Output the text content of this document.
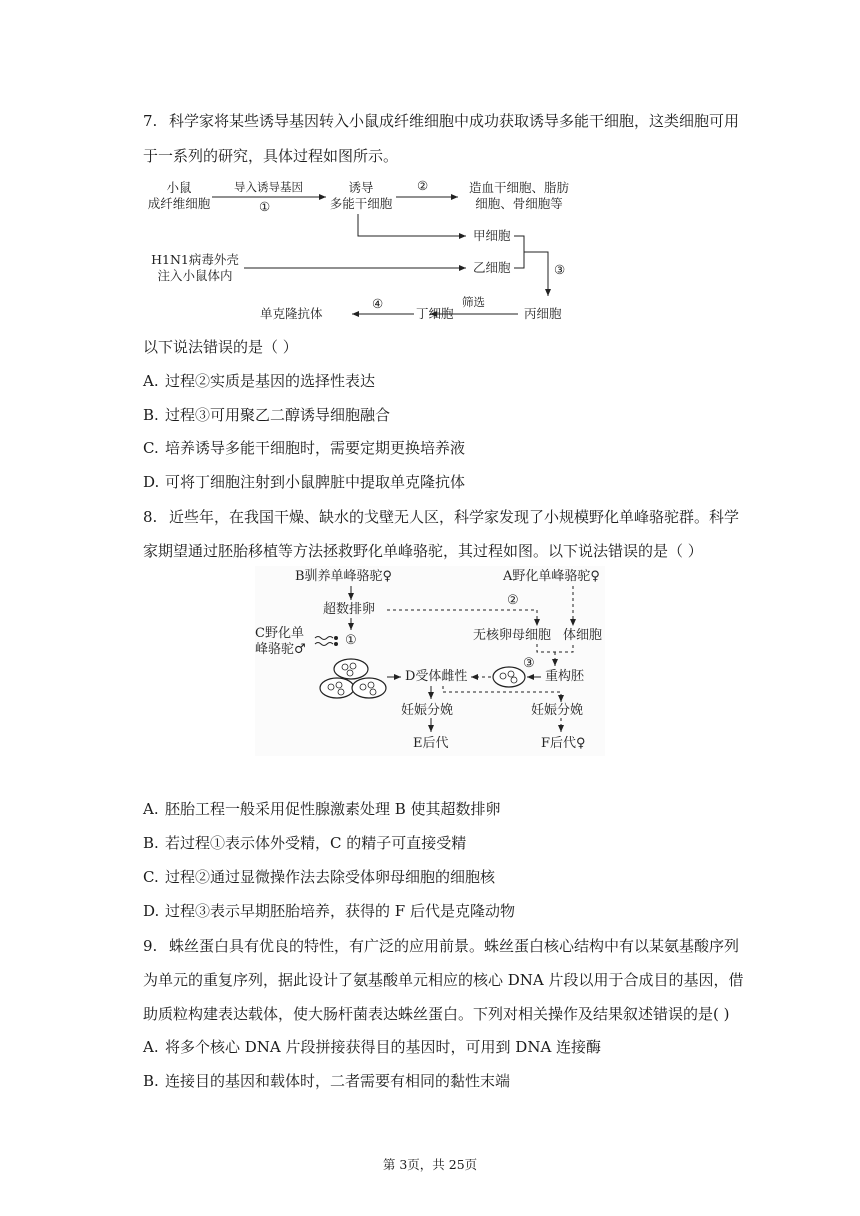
7. 科学家将某些诱导基因转入小鼠成纤维细胞中成功获取诱导多能干细胞，这类细胞可用
于一系列的研究，具体过程如图所示。
小鼠
成纤维细胞
导入诱导基因
①
诱导
多能干细胞
②	造血干细胞、脂肪
细胞、骨细胞等
甲细胞
H1N1病毒外壳
注入小鼠体内
乙细胞	③
丙细胞
筛选
丁细胞
④
单克隆抗体
以下说法错误的是（ ）
A. 过程②实质是基因的选择性表达
B. 过程③可用聚乙二醇诱导细胞融合
C. 培养诱导多能干细胞时，需要定期更换培养液
D. 可将丁细胞注射到小鼠脾脏中提取单克隆抗体
8. 近些年，在我国干燥、缺水的戈壁无人区，科学家发现了小规模野化单峰骆驼群。科学
家期望通过胚胎移植等方法拯救野化单峰骆驼，其过程如图。以下说法错误的是（ ）
B驯养单峰骆驼♀	A野化单峰骆驼♀
超数排卵
②
C野化单
峰骆驼♂
①	无核卵母细胞 体细胞
③
D受体雌性	重构胚
妊娠分娩	妊娠分娩
E后代	F后代♀
A. 胚胎工程一般采用促性腺激素处理 B 使其超数排卵
B. 若过程①表示体外受精，C 的精子可直接受精
C. 过程②通过显微操作法去除受体卵母细胞的细胞核
D. 过程③表示早期胚胎培养，获得的 F 后代是克隆动物
9. 蛛丝蛋白具有优良的特性，有广泛的应用前景。蛛丝蛋白核心结构中有以某氨基酸序列
为单元的重复序列，据此设计了氨基酸单元相应的核心 DNA 片段以用于合成目的基因，借
助质粒构建表达载体，使大肠杆菌表达蛛丝蛋白。下列对相关操作及结果叙述错误的是( )
A. 将多个核心 DNA 片段拼接获得目的基因时，可用到 DNA 连接酶
B. 连接目的基因和载体时，二者需要有相同的黏性末端
第 3页，共 25页
